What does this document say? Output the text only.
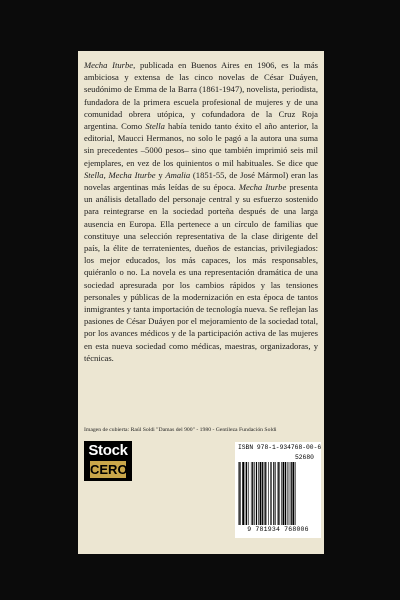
Mecha Iturbe, publicada en Buenos Aires en 1906, es la más ambiciosa y extensa de las cinco novelas de César Duáyen, seudónimo de Emma de la Barra (1861-1947), novelista, periodista, fundadora de la primera escuela profesional de mujeres y de una comunidad obrera utópica, y cofundadora de la Cruz Roja argentina. Como Stella había tenido tanto éxito el año anterior, la editorial, Maucci Hermanos, no solo le pagó a la autora una suma sin precedentes –5000 pesos– sino que también imprimió seis mil ejemplares, en vez de los quinientos o mil habituales. Se dice que Stella, Mecha Iturbe y Amalia (1851-55, de José Mármol) eran las novelas argentinas más leídas de su época. Mecha Iturbe presenta un análisis detallado del personaje central y su esfuerzo sostenido para reintegrarse en la sociedad porteña después de una larga ausencia en Europa. Ella pertenece a un círculo de familias que constituye una selección representativa de la clase dirigente del país, la élite de terratenientes, dueños de estancias, privilegiados: los mejor educados, los más capaces, los más responsables, quiéranlo o no. La novela es una representación dramática de una sociedad apresurada por los cambios rápidos y las tensiones personales y públicas de la modernización en esta época de tantos inmigrantes y tanta importación de tecnología nueva. Se reflejan las pasiones de César Duáyen por el mejoramiento de la sociedad total, por los avances médicos y de la participación activa de las mujeres en esta nueva sociedad como médicas, maestras, organizadoras, y técnicas.

Imagen de cubierta: Raúl Soldi "Damas del 900" - 1980 - Gentileza Fundación Soldi

Stock
CERO
ISBN 978-1-934768-00-6
52680
9 781934 768006
